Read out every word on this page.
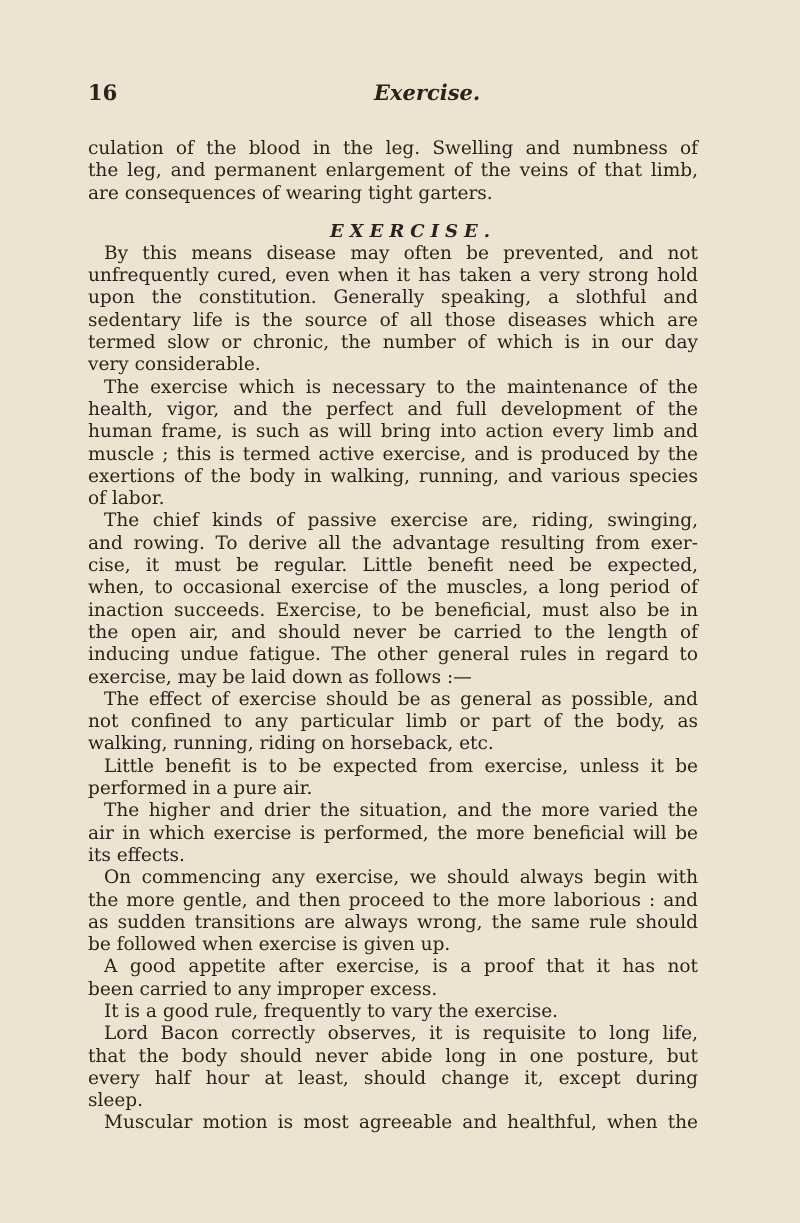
16	Exercise.
culation of the blood in the leg. Swelling and numbness of
the leg, and permanent enlargement of the veins of that limb,
are consequences of wearing tight garters.
EXERCISE.
By this means disease may often be prevented, and not
unfrequently cured, even when it has taken a very strong hold
upon the constitution. Generally speaking, a slothful and
sedentary life is the source of all those diseases which are
termed slow or chronic, the number of which is in our day
very considerable.
The exercise which is necessary to the maintenance of the
health, vigor, and the perfect and full development of the
human frame, is such as will bring into action every limb and
muscle ; this is termed active exercise, and is produced by the
exertions of the body in walking, running, and various species
of labor.
The chief kinds of passive exercise are, riding, swinging,
and rowing. To derive all the advantage resulting from exer-
cise, it must be regular. Little benefit need be expected,
when, to occasional exercise of the muscles, a long period of
inaction succeeds. Exercise, to be beneficial, must also be in
the open air, and should never be carried to the length of
inducing undue fatigue. The other general rules in regard to
exercise, may be laid down as follows :—
The effect of exercise should be as general as possible, and
not confined to any particular limb or part of the body, as
walking, running, riding on horseback, etc.
Little benefit is to be expected from exercise, unless it be
performed in a pure air.
The higher and drier the situation, and the more varied the
air in which exercise is performed, the more beneficial will be
its effects.
On commencing any exercise, we should always begin with
the more gentle, and then proceed to the more laborious : and
as sudden transitions are always wrong, the same rule should
be followed when exercise is given up.
A good appetite after exercise, is a proof that it has not
been carried to any improper excess.
It is a good rule, frequently to vary the exercise.
Lord Bacon correctly observes, it is requisite to long life,
that the body should never abide long in one posture, but
every half hour at least, should change it, except during
sleep.
Muscular motion is most agreeable and healthful, when the
